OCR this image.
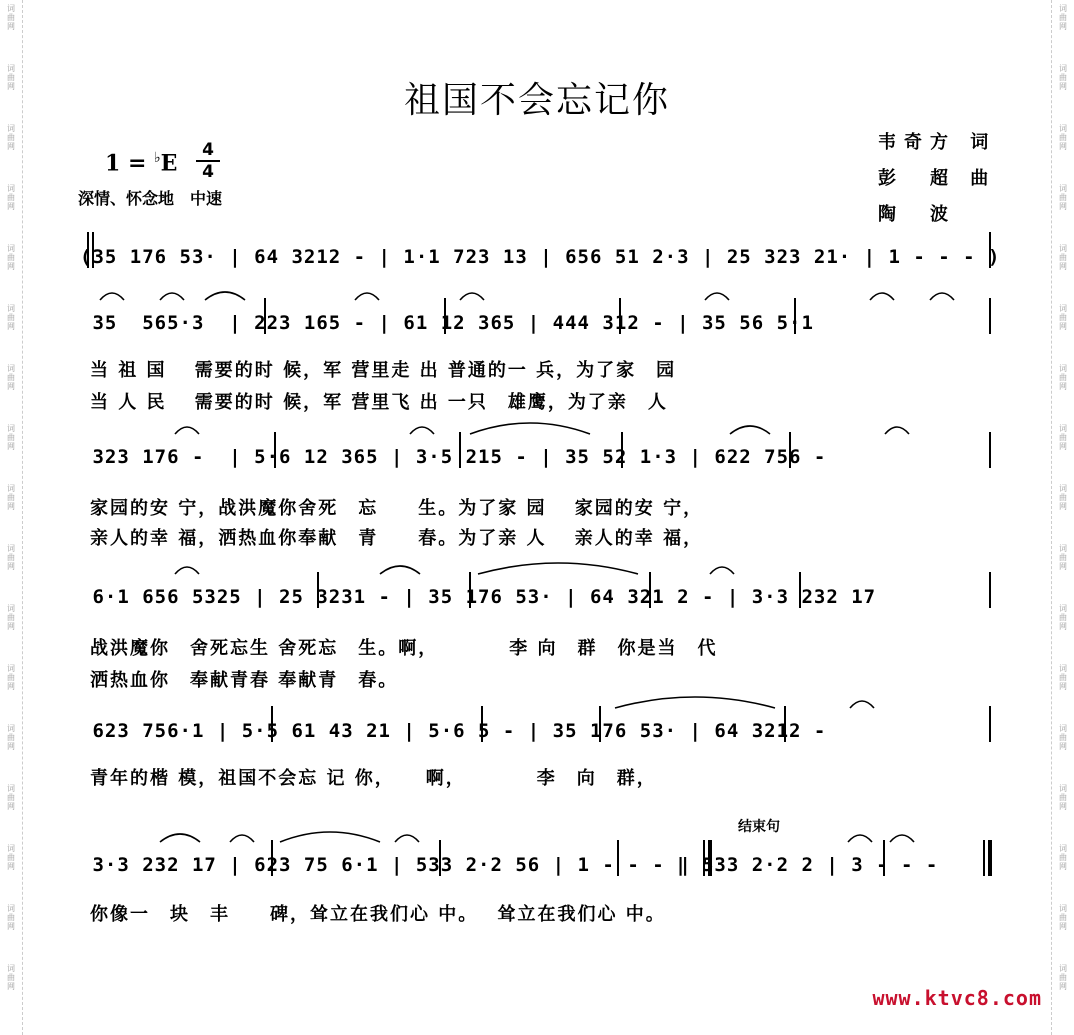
词曲网
词曲网
词曲网
词曲网
词曲网
词曲网
词曲网
词曲网
词曲网
词曲网
词曲网
词曲网
词曲网
词曲网
词曲网
词曲网
词曲网
词曲网
词曲网
词曲网
词曲网
词曲网
词曲网
词曲网
词曲网
词曲网
词曲网
词曲网
词曲网
词曲网
词曲网
词曲网
词曲网
词曲网
祖国不会忘记你
1 = ♭E
4
4
深情、怀念地　中速
韦奇方 词
彭　超 曲
陶　波
(35 176 53· | 64 3212 - | 1·1 723 13 | 656 51 2·3 | 25 323 21· | 1 - - - )
35  565·3  | 223 165 - | 61 12 365 | 444 312 - | 35 56 5·1
当 祖 国　 需要的时 候，军 营里走 出 普通的一 兵，为了家　园
当 人 民　 需要的时 候，军 营里飞 出 一只　雄鹰，为了亲　人
323 176 -  | 5·6 12 365 | 3·5 215 - | 35 52 1·3 | 622 756 -
家园的安 宁，战洪魔你舍死　忘　　生。为了家 园　 家园的安 宁，
亲人的幸 福，洒热血你奉献　青　　春。为了亲 人　 亲人的幸 福，
6·1 656 5325 | 25 3231 - | 35 176 53· | 64 321 2 - | 3·3 232 17
战洪魔你　舍死忘生 舍死忘　生。啊，　　　　李 向　群　你是当　代
洒热血你　奉献青春 奉献青　春。
623 756·1 | 5·5 61 43 21 | 5·6 5 - | 35 176 53· | 64 3212 -
青年的楷 模，祖国不会忘 记 你，　　啊，　　　　李　向　群，
结束句
3·3 232 17 | 623 75 6·1 | 533 2·2 56 | 1 - - - ‖ 533 2·2 2 | 3 - - -
你像一　块　丰　　碑，耸立在我们心 中。　 耸立在我们心 中。
www.ktvc8.com
